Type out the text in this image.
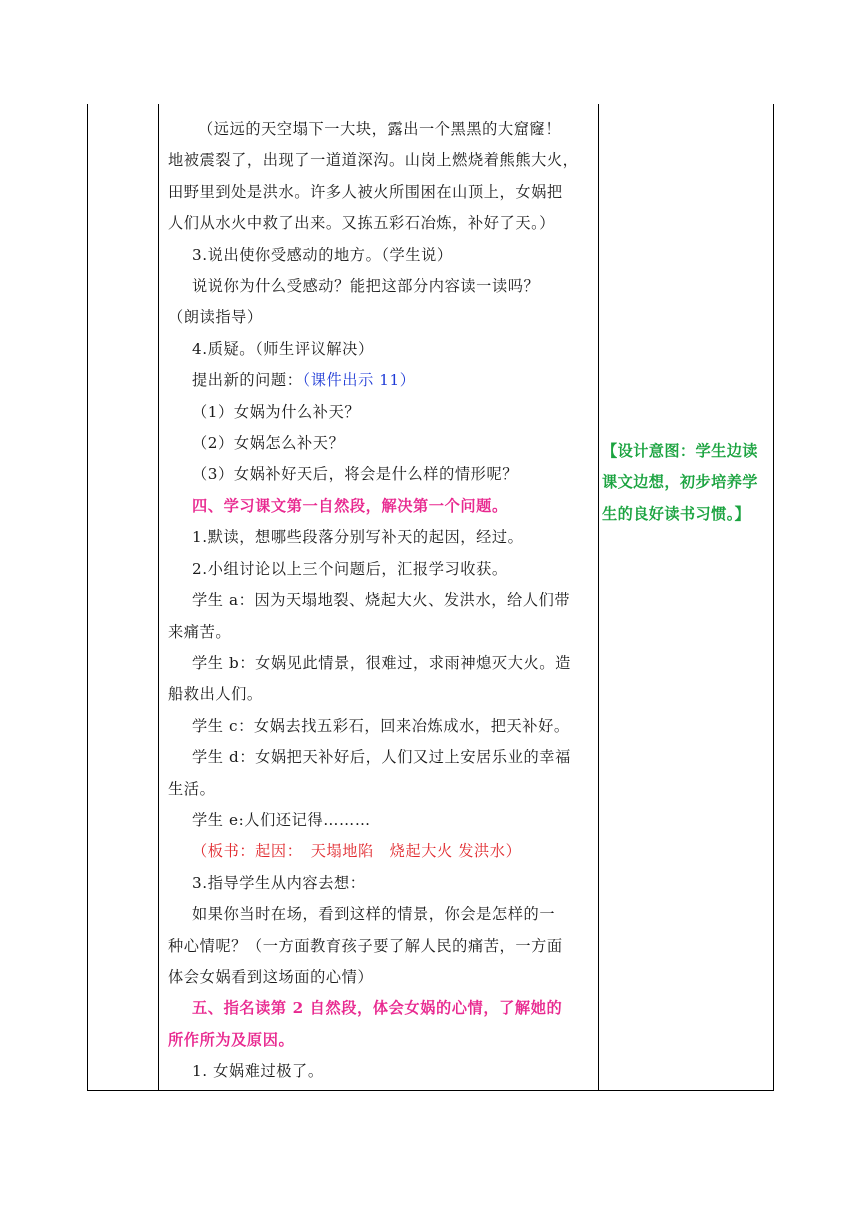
（远远的天空塌下一大块，露出一个黑黑的大窟窿！

地被震裂了，出现了一道道深沟。山岗上燃烧着熊熊大火，

田野里到处是洪水。许多人被火所围困在山顶上，女娲把

人们从水火中救了出来。又拣五彩石冶炼，补好了天。）

3.说出使你受感动的地方。（学生说）

说说你为什么受感动？能把这部分内容读一读吗？

（朗读指导）

4.质疑。（师生评议解决）

提出新的问题：（课件出示 11）

（1）女娲为什么补天？

（2）女娲怎么补天？

（3）女娲补好天后，将会是什么样的情形呢？

四、学习课文第一自然段，解决第一个问题。

1.默读，想哪些段落分别写补天的起因，经过。

2.小组讨论以上三个问题后，汇报学习收获。

学生 a：因为天塌地裂、烧起大火、发洪水，给人们带

来痛苦。

学生 b：女娲见此情景，很难过，求雨神熄灭大火。造

船救出人们。

学生 c：女娲去找五彩石，回来冶炼成水，把天补好。

学生 d：女娲把天补好后，人们又过上安居乐业的幸福

生活。

学生 e:人们还记得………

（板书：起因：　天塌地陷　烧起大火 发洪水）

3.指导学生从内容去想：

如果你当时在场，看到这样的情景，你会是怎样的一

种心情呢？（一方面教育孩子要了解人民的痛苦，一方面

体会女娲看到这场面的心情）

五、指名读第 2 自然段，体会女娲的心情，了解她的

所作所为及原因。

1. 女娲难过极了。

【设计意图：学生边读

课文边想，初步培养学

生的良好读书习惯。】
